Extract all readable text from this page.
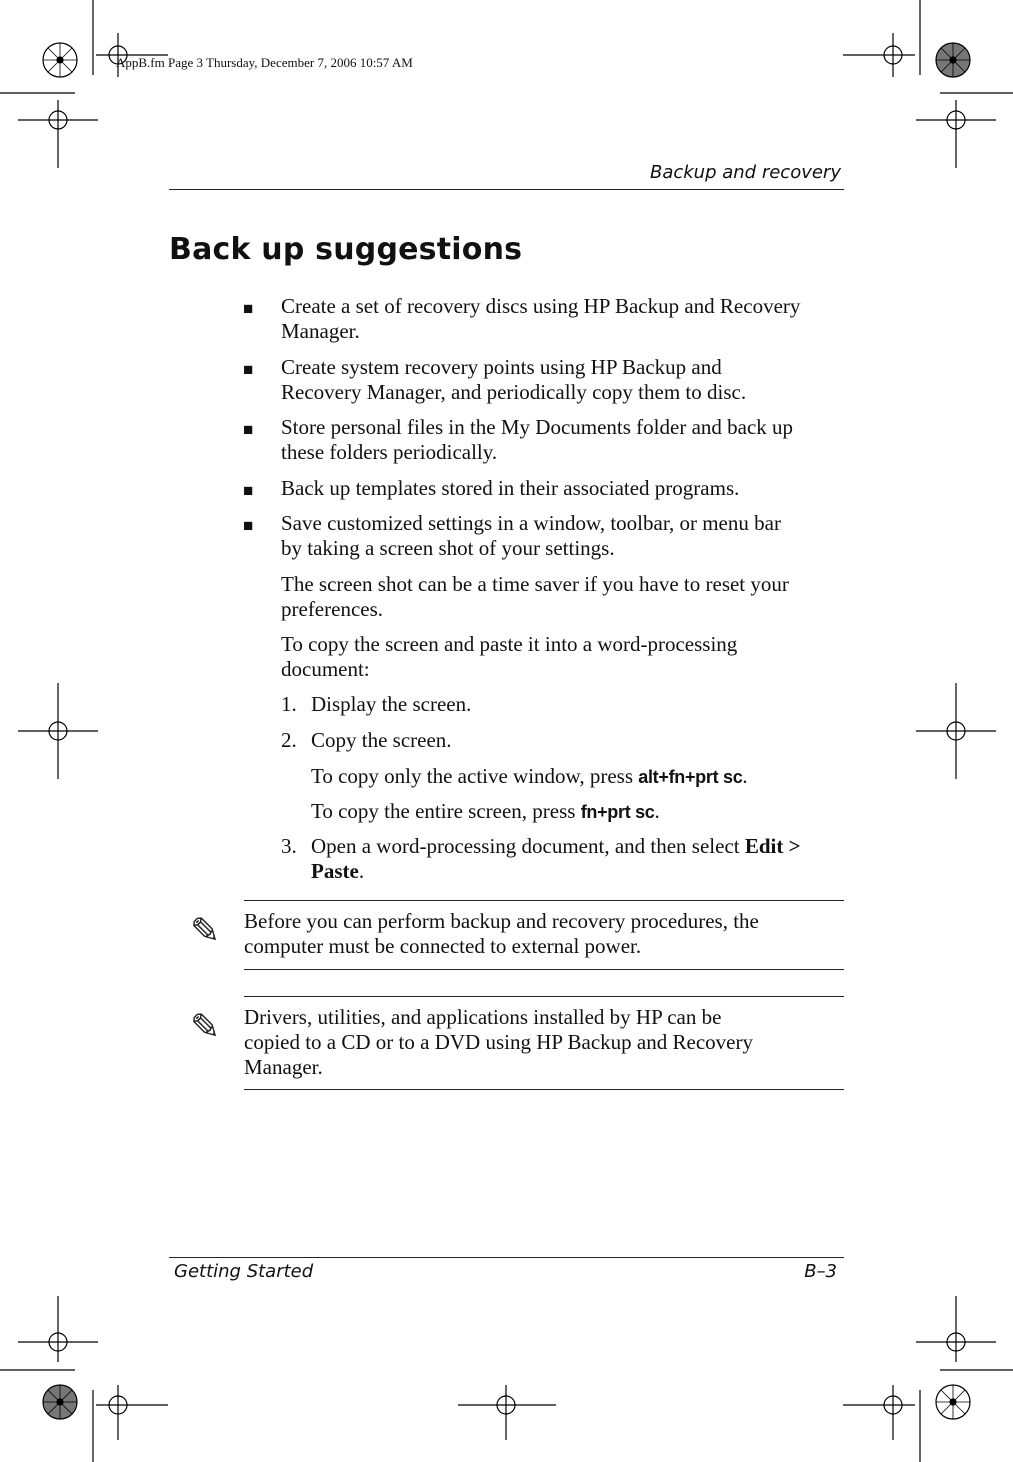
AppB.fm Page 3 Thursday, December 7, 2006 10:57 AM
Backup and recovery
Back up suggestions
■ Create a set of recovery discs using HP Backup and Recovery
Manager.
■ Create system recovery points using HP Backup and
Recovery Manager, and periodically copy them to disc.
■ Store personal files in the My Documents folder and back up
these folders periodically.
■ Back up templates stored in their associated programs.
■ Save customized settings in a window, toolbar, or menu bar
by taking a screen shot of your settings.
The screen shot can be a time saver if you have to reset your
preferences.
To copy the screen and paste it into a word-processing
document:
1. Display the screen.
2. Copy the screen.
To copy only the active window, press alt+fn+prt sc.
To copy the entire screen, press fn+prt sc.
3. Open a word-processing document, and then select Edit >
Paste.
✎ Before you can perform backup and recovery procedures, the
computer must be connected to external power.
✎ Drivers, utilities, and applications installed by HP can be
copied to a CD or to a DVD using HP Backup and Recovery
Manager.
Getting Started	B–3
